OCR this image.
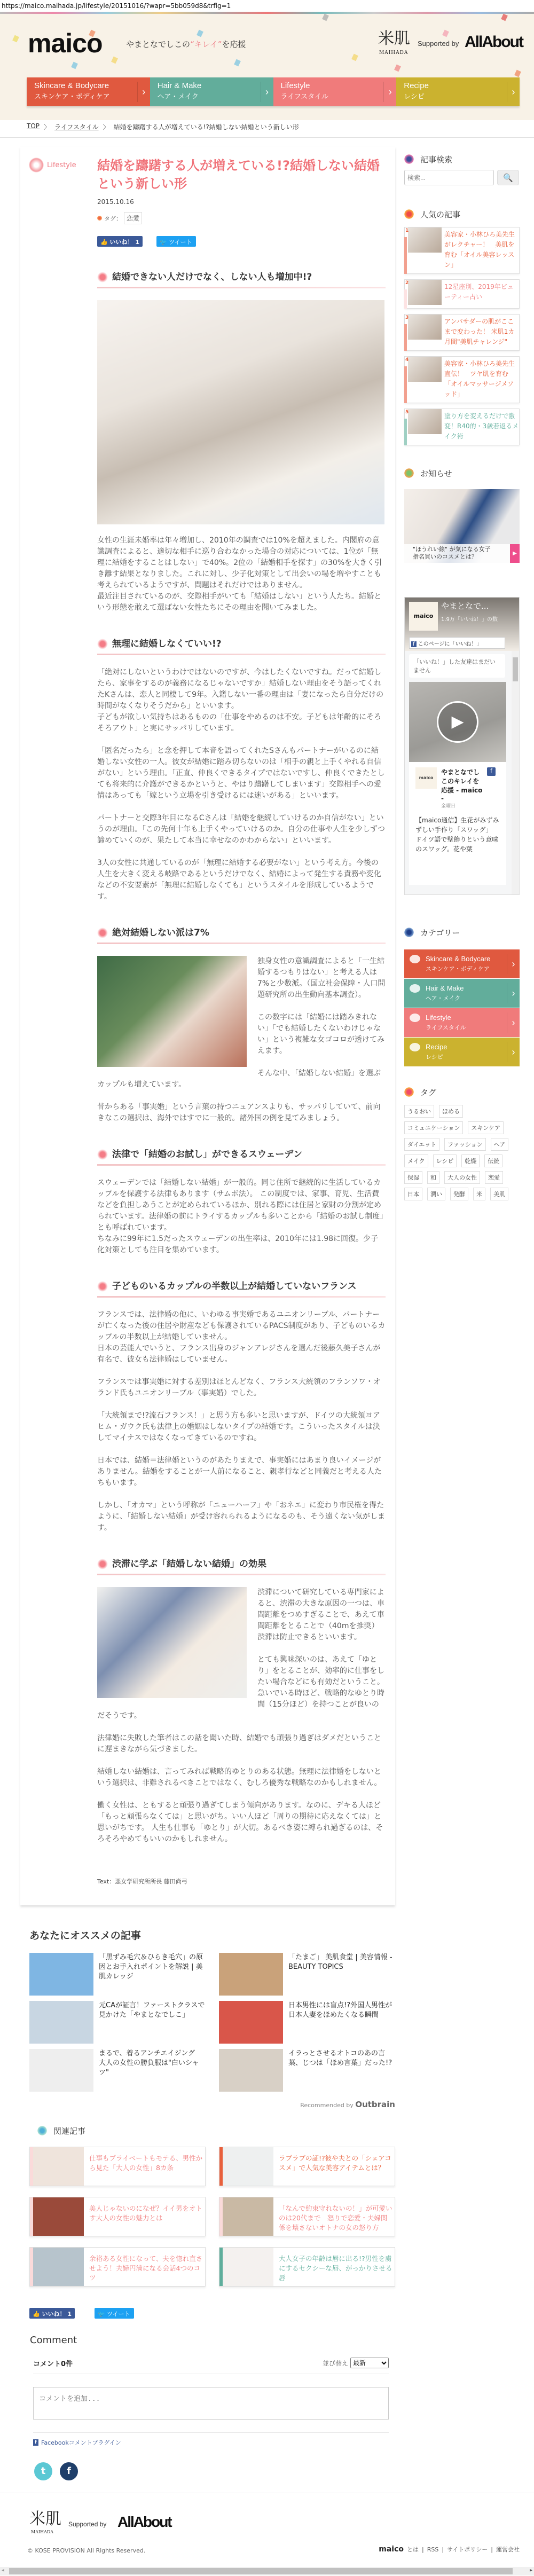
https://maico.maihada.jp/lifestyle/20151016/?wapr=5bb059d8&trflg=1
maico	やまとなでしこの“キレイ”を応援	米肌
MAIHADA
Supported by AllAbout
Skincare & Bodycare
スキンケア・ボディケア	›
Hair & Make
ヘア・メイク	›
Lifestyle
ライフスタイル	›
Recipe
レシピ	›
TOP 〉 ライフスタイル 〉 結婚を躊躇する人が増えている!?結婚しない結婚という新しい形
記事検索
検索...
🔍
人気の記事
1	美容家・小林ひろ美先生がレクチャー！　美肌を育む「オイル美容レッスン」
2	12星座別、2019年ビューティー占い
3	アンバサダーの肌がここまで変わった！ 米肌1カ月間"美肌チャレンジ"
4	美容家・小林ひろ美先生直伝！　ツヤ肌を育む「オイルマッサージメソッド」
5	塗り方を変えるだけで激変！R40的・3歳若返るメイク術
お知らせ
"ほうれい線" が気になる女子
指名買いのコスメとは？	▶
maico
やまとなで...
1.9万「いいね！」の数
f このページに「いいね！」
「いいね！」した友達はまだいません
▶
maico
やまとなでしこのキレイを応援 - maico -
金曜日
f
【maico通信】生花がみずみずしい手作り「スワッグ」
ドイツ語で壁飾りという意味のスワッグ。花や葉
カテゴリー
Skincare & Bodycare
スキンケア・ボディケア	›
Hair & Make
ヘア・メイク	›
Lifestyle
ライフスタイル	›
Recipe
レシピ	›
タグ
うるおい	ほめる
コミュニケーション	スキンケア
ダイエット	ファッション	ヘア
メイク	レシピ	乾燥	伝統
保湿	和	大人の女性	恋愛
日本	潤い	発酵	米	美肌
Lifestyle 結婚を躊躇する人が増えている!?結婚しない結婚という新しい形
2015.10.16
タグ： 恋愛
👍 いいね！ 1	🐦 ツイート
結婚できない人だけでなく、しない人も増加中!?

女性の生涯未婚率は年々増加し、2010年の調査では10%を超えました。内閣府の意識調査によると、適切な相手に巡り合わなかった場合の対応については、1位が「無理に結婚をすることはしない」で40%。2位の「結婚相手を探す」の30%を大きく引き離す結果となりました。これに対し、少子化対策として出会いの場を増やすことも考えられているようですが、問題はそれだけではありません。
最近注目されているのが、交際相手がいても「結婚はしない」という人たち。結婚という形態を敢えて選ばない女性たちにその理由を聞いてみました。

無理に結婚しなくていい!?

「絶対にしないというわけではないのですが、今はしたくないですね。だって結婚したら、家事をするのが義務になるじゃないですか」結婚しない理由をそう語ってくれたKさんは、恋人と同棲して9年。入籍しない一番の理由は「妻になったら自分だけの時間がなくなりそうだから」といいます。
子どもが欲しい気持ちはあるものの「仕事をやめるのは不安。子どもは年齢的にそろそろアウト」と実にサッパリしています。

「匿名だったら」と念を押して本音を語ってくれたSさんもパートナーがいるのに結婚しない女性の一人。彼女が結婚に踏み切らないのは「相手の親と上手くやれる自信がない」という理由。「正直、仲良くできるタイプではないですし、仲良くできたとしても将来的に介護ができるかというと、やはり躊躇してしまいます」交際相手への愛情はあっても「嫁という立場を引き受けるには迷いがある」といいます。

パートナーと交際3年目になるCさんは「結婚を継続していけるのか自信がない」というのが理由。「この先何十年も上手くやっていけるのか。自分の仕事や人生を少しずつ諦めていくのが、果たして本当に幸せなのかわからない」といいます。

3人の女性に共通しているのが「無理に結婚する必要がない」という考え方。今後の人生を大きく変える岐路であるというだけでなく、結婚によって発生する責務や変化などの不安要素が「無理に結婚しなくても」というスタイルを形成しているようです。

絶対結婚しない派は7%

独身女性の意識調査によると「一生結婚するつもりはない」と考える人は7%と少数派。（国立社会保障・人口問題研究所の出生動向基本調査）。

この数字には「結婚には踏みきれない」「でも結婚したくないわけじゃない」という複雑な女ゴコロが透けてみえます。

そんな中、「結婚しない結婚」を選ぶカップルも増えています。

昔からある「事実婚」という言葉の持つニュアンスよりも、サッパリしていて、前向きなこの選択は、海外ではすでに一般的。諸外国の例を見てみましょう。

法律で「結婚のお試し」ができるスウェーデン

スウェーデンでは「結婚しない結婚」が一般的。同じ住所で継続的に生活しているカップルを保護する法律もあります（サムボ法）。 この制度では、家事、育児、生活費などを負担しあうことが定められているほか、別れる際には住居と家財の分割が定められています。法律婚の前にトライするカップルも多いことから「結婚のお試し制度」とも呼ばれています。
ちなみに99年に1.5だったスウェーデンの出生率は、2010年には1.98に回復。少子化対策としても注目を集めています。

子どものいるカップルの半数以上が結婚していないフランス

フランスでは、法律婚の他に、いわゆる事実婚であるユニオンリーブル、パートナーが亡くなった後の住居や財産なども保護されているPACS制度があり、子どものいるカップルの半数以上が結婚していません。
日本の芸能人でいうと、フランス出身のジャンアレジさんを選んだ後藤久美子さんが有名で、彼女も法律婚はしていません。

フランスでは事実婚に対する差別はほとんどなく、フランス大統領のフランソワ・オランド氏もユニオンリーブル（事実婚）でした。

「大統領まで!?流石フランス！」と思う方も多いと思いますが、ドイツの大統領ヨアヒム・ガウク氏も法律上の婚姻はしないタイプの結婚です。こういったスタイルは決してマイナスではなくなってきているのですね。

日本では、結婚＝法律婚というのがあたりまえで、事実婚にはあまり良いイメージがありません。結婚をすることが一人前になること、親孝行などと同義だと考える人たちもいます。

しかし、「オカマ」という呼称が「ニューハーフ」や「おネエ」に変わり市民権を得たように、「結婚しない結婚」が受け容れられるようになるのも、そう遠くない気がします。

渋滞に学ぶ「結婚しない結婚」の効果

渋滞について研究している専門家によると、渋滞の大きな原因の一つは、車間距離をつめすぎることで、あえて車間距離をとることで（40mを推奨）渋滞は防止できるといいます。

とても興味深いのは、あえて「ゆとり」をとることが、効率的に仕事をしたい場合などにも有効だということ。急いでいる時ほど、戦略的なゆとり時間（15分ほど）を持つことが良いのだそうです。

法律婚に失敗した筆者はこの話を聞いた時、結婚でも頑張り過ぎはダメだということに遅まきながら気づきました。

結婚しない結婚は、言ってみれば戦略的ゆとりのある状態。無理に法律婚をしないという選択は、非難されるべきことではなく、むしろ優秀な戦略なのかもしれません。

働く女性は、ともすると頑張り過ぎてしまう傾向があります。なのに、デキる人ほど「もっと頑張らなくては」と思いがち。いい人ほど「周りの期待に応えなくては」と思いがちです。 人生も仕事も「ゆとり」が大切。あるべき姿に縛られ過ぎるのは、そろそろやめてもいいのかもしれません。

Text：悪女学研究所所長 藤田尚弓
あなたにオススメの記事
「黒ずみ毛穴＆ひらき毛穴」の原因とお手入れポイントを解説 | 美肌カレッジ
「たまご」 美肌食堂 | 美容情報 - BEAUTY TOPICS
元CAが証言！ファーストクラスで見かけた「やまとなでしこ」
日本男性には盲点!?外国人男性が日本人妻をほめたくなる瞬間
まるで、着るアンチエイジング　大人の女性の勝負服は"白いシャツ"
イラっとさせるオトコのあの言葉、じつは「ほめ言葉」だった!?
Recommended by Outbrain
関連記事
仕事もプライベートもモテる、男性から見た「大人の女性」8カ条
ラブラブの証!?彼や夫との「シェアコスメ」で人気な美容アイテムとは？
美人じゃないのになぜ？イイ男をオトす大人の女性の魅力とは
「なんで約束守れないの！」が可愛いのは20代まで　怒りで恋愛・夫婦関係を壊さないオトナの女の怒り方
余裕ある女性になって、夫を惚れ直させよう！夫婦円満になる会話4つのコツ
大人女子の年齢は唇に出る!?男性を虜にするセクシーな唇、がっかりさせる唇
👍 いいね！ 1	🐦 ツイート
Comment
コメント0件	並び替え
最新
コメントを追加...
f Facebookコメントプラグイン
t	f
米肌
MAIHADA
Supported by AllAbout
© KOSE PROVISION All Rights Reserved.	maico とは | RSS | サイトポリシー | 運営会社
◂	▸
